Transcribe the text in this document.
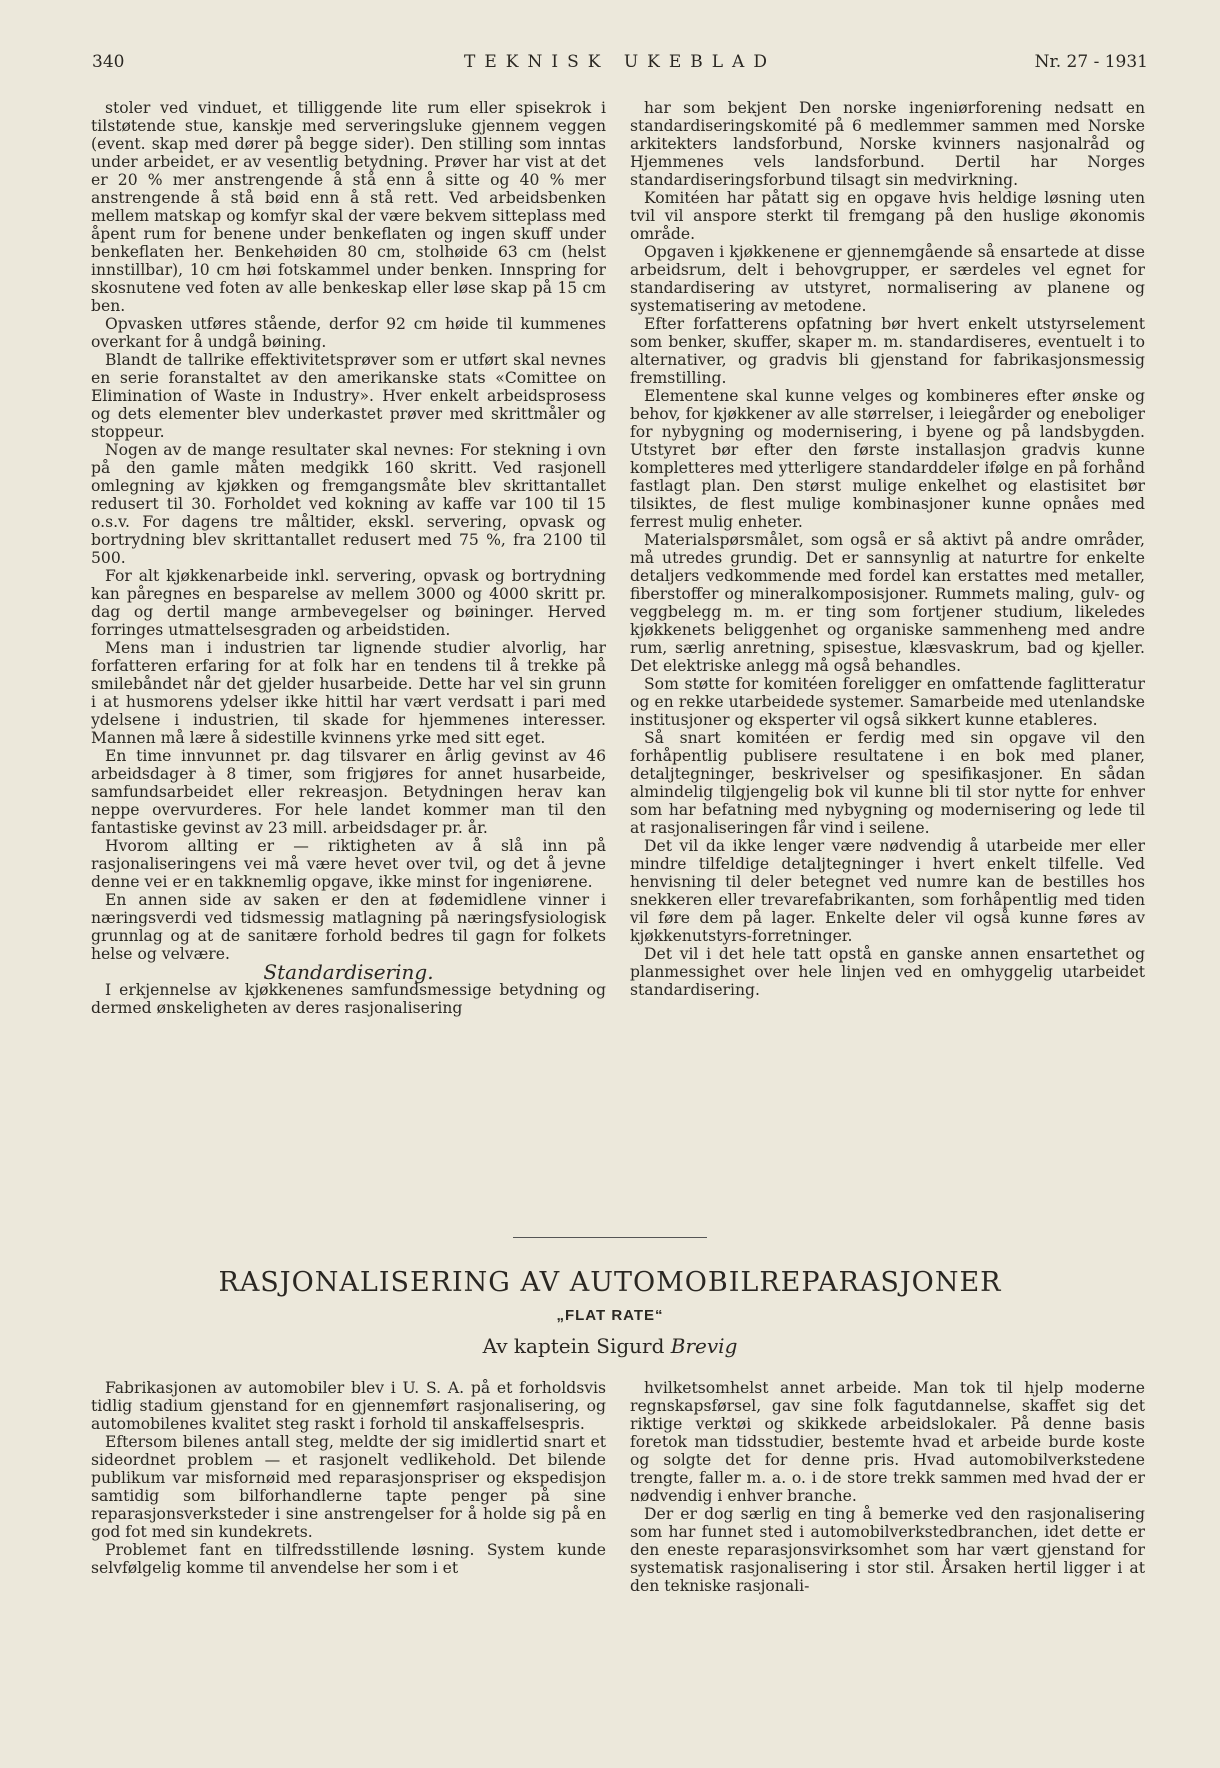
340	TEKNISK UKEBLAD	Nr. 27 - 1931

stoler ved vinduet, et tilliggende lite rum eller spisekrok i tilstøtende stue, kanskje med serveringsluke gjennem veggen (event. skap med dører på begge sider). Den stilling som inntas under arbeidet, er av vesentlig betydning. Prøver har vist at det er 20 % mer anstrengende å stå enn å sitte og 40 % mer anstrengende å stå bøid enn å stå rett. Ved arbeidsbenken mellem matskap og komfyr skal der være bekvem sitteplass med åpent rum for benene under benkeflaten og ingen skuff under benkeflaten her. Benkehøiden 80 cm, stolhøide 63 cm (helst innstillbar), 10 cm høi fotskammel under benken. Innspring for skosnutene ved foten av alle benkeskap eller løse skap på 15 cm ben.

Opvasken utføres stående, derfor 92 cm høide til kummenes overkant for å undgå bøining.

Blandt de tallrike effektivitetsprøver som er utført skal nevnes en serie foranstaltet av den amerikanske stats «Comittee on Elimination of Waste in Industry». Hver enkelt arbeidsprosess og dets elementer blev underkastet prøver med skrittmåler og stoppeur.

Nogen av de mange resultater skal nevnes: For stekning i ovn på den gamle måten medgikk 160 skritt. Ved rasjonell omlegning av kjøkken og fremgangsmåte blev skrittantallet redusert til 30. Forholdet ved kokning av kaffe var 100 til 15 o.s.v. For dagens tre måltider, ekskl. servering, opvask og bortrydning blev skrittantallet redusert med 75 %, fra 2100 til 500.

For alt kjøkkenarbeide inkl. servering, opvask og bortrydning kan påregnes en besparelse av mellem 3000 og 4000 skritt pr. dag og dertil mange armbevegelser og bøininger. Herved forringes utmattelsesgraden og arbeidstiden.

Mens man i industrien tar lignende studier alvorlig, har forfatteren erfaring for at folk har en tendens til å trekke på smilebåndet når det gjelder husarbeide. Dette har vel sin grunn i at husmorens ydelser ikke hittil har vært verdsatt i pari med ydelsene i industrien, til skade for hjemmenes interesser. Mannen må lære å sidestille kvinnens yrke med sitt eget.

En time innvunnet pr. dag tilsvarer en årlig gevinst av 46 arbeidsdager à 8 timer, som frigjøres for annet husarbeide, samfundsarbeidet eller rekreasjon. Betydningen herav kan neppe overvurderes. For hele landet kommer man til den fantastiske gevinst av 23 mill. arbeidsdager pr. år.

Hvorom allting er — riktigheten av å slå inn på rasjonaliseringens vei må være hevet over tvil, og det å jevne denne vei er en takknemlig opgave, ikke minst for ingeniørene.

En annen side av saken er den at fødemidlene vinner i næringsverdi ved tidsmessig matlagning på næringsfysiologisk grunnlag og at de sanitære forhold bedres til gagn for folkets helse og velvære.

Standardisering.

I erkjennelse av kjøkkenenes samfundsmessige betydning og dermed ønskeligheten av deres rasjonalisering

har som bekjent Den norske ingeniørforening nedsatt en standardiseringskomité på 6 medlemmer sammen med Norske arkitekters landsforbund, Norske kvinners nasjonalråd og Hjemmenes vels landsforbund. Dertil har Norges standardiseringsforbund tilsagt sin medvirkning.

Komitéen har påtatt sig en opgave hvis heldige løsning uten tvil vil anspore sterkt til fremgang på den huslige økonomis område.

Opgaven i kjøkkenene er gjennemgående så ensartede at disse arbeidsrum, delt i behovgrupper, er særdeles vel egnet for standardisering av utstyret, normalisering av planene og systematisering av metodene.

Efter forfatterens opfatning bør hvert enkelt utstyrselement som benker, skuffer, skaper m. m. standardiseres, eventuelt i to alternativer, og gradvis bli gjenstand for fabrikasjonsmessig fremstilling.

Elementene skal kunne velges og kombineres efter ønske og behov, for kjøkkener av alle størrelser, i leiegårder og eneboliger for nybygning og modernisering, i byene og på landsbygden. Utstyret bør efter den første installasjon gradvis kunne kompletteres med ytterligere standarddeler ifølge en på forhånd fastlagt plan. Den størst mulige enkelhet og elastisitet bør tilsiktes, de flest mulige kombinasjoner kunne opnåes med ferrest mulig enheter.

Materialspørsmålet, som også er så aktivt på andre områder, må utredes grundig. Det er sannsynlig at naturtre for enkelte detaljers vedkommende med fordel kan erstattes med metaller, fiberstoffer og mineralkomposisjoner. Rummets maling, gulv- og veggbelegg m. m. er ting som fortjener studium, likeledes kjøkkenets beliggenhet og organiske sammenheng med andre rum, særlig anretning, spisestue, klæsvaskrum, bad og kjeller. Det elektriske anlegg må også behandles.

Som støtte for komitéen foreligger en omfattende faglitteratur og en rekke utarbeidede systemer. Samarbeide med utenlandske institusjoner og eksperter vil også sikkert kunne etableres.

Så snart komitéen er ferdig med sin opgave vil den forhåpentlig publisere resultatene i en bok med planer, detaljtegninger, beskrivelser og spesifikasjoner. En sådan almindelig tilgjengelig bok vil kunne bli til stor nytte for enhver som har befatning med nybygning og modernisering og lede til at rasjonaliseringen får vind i seilene.

Det vil da ikke lenger være nødvendig å utarbeide mer eller mindre tilfeldige detaljtegninger i hvert enkelt tilfelle. Ved henvisning til deler betegnet ved numre kan de bestilles hos snekkeren eller trevarefabrikanten, som forhåpentlig med tiden vil føre dem på lager. Enkelte deler vil også kunne føres av kjøkkenutstyrs-forretninger.

Det vil i det hele tatt opstå en ganske annen ensartethet og planmessighet over hele linjen ved en omhyggelig utarbeidet standardisering.

RASJONALISERING AV AUTOMOBILREPARASJONER
„FLAT RATE“
Av kaptein Sigurd Brevig

Fabrikasjonen av automobiler blev i U. S. A. på et forholdsvis tidlig stadium gjenstand for en gjennemført rasjonalisering, og automobilenes kvalitet steg raskt i forhold til anskaffelsespris.

Eftersom bilenes antall steg, meldte der sig imidlertid snart et sideordnet problem — et rasjonelt vedlikehold. Det bilende publikum var misfornøid med reparasjonspriser og ekspedisjon samtidig som bilforhandlerne tapte penger på sine reparasjonsverksteder i sine anstrengelser for å holde sig på en god fot med sin kundekrets.

Problemet fant en tilfredsstillende løsning. System kunde selvfølgelig komme til anvendelse her som i et

hvilketsomhelst annet arbeide. Man tok til hjelp moderne regnskapsførsel, gav sine folk fagutdannelse, skaffet sig det riktige verktøi og skikkede arbeidslokaler. På denne basis foretok man tidsstudier, bestemte hvad et arbeide burde koste og solgte det for denne pris. Hvad automobilverkstedene trengte, faller m. a. o. i de store trekk sammen med hvad der er nødvendig i enhver branche.

Der er dog særlig en ting å bemerke ved den rasjonalisering som har funnet sted i automobilverkstedbranchen, idet dette er den eneste reparasjonsvirksomhet som har vært gjenstand for systematisk rasjonalisering i stor stil. Årsaken hertil ligger i at den tekniske rasjonali-
